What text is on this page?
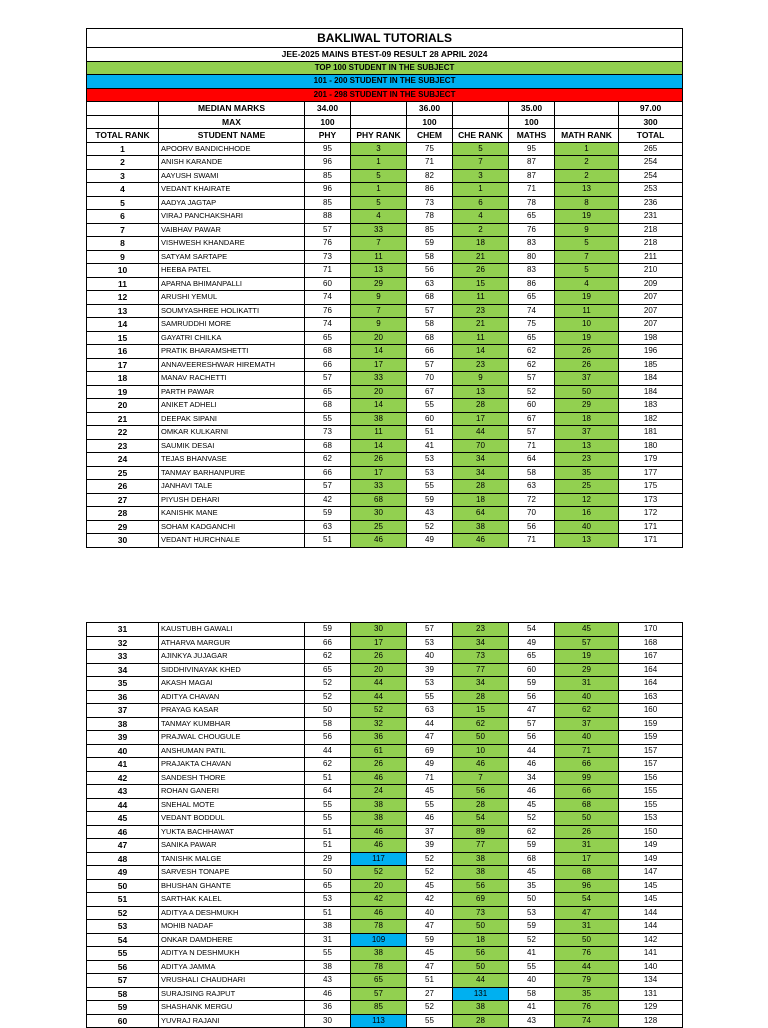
BAKLIWAL TUTORIALS								
JEE-2025 MAINS BTEST-09 RESULT 28 APRIL 2024								
TOP 100 STUDENT IN THE SUBJECT								
101 - 200 STUDENT IN THE SUBJECT								
201 - 298 STUDENT IN THE SUBJECT								
	MEDIAN MARKS	34.00		36.00		35.00		97.00
	MAX	100		100		100		300
TOTAL RANK	STUDENT NAME	PHY	PHY RANK	CHEM	CHE RANK	MATHS	MATH RANK	TOTAL
1	APOORV BANDICHHODE	95	3	75	5	95	1	265
2	ANISH KARANDE	96	1	71	7	87	2	254
3	AAYUSH SWAMI	85	5	82	3	87	2	254
4	VEDANT KHAIRATE	96	1	86	1	71	13	253
5	AADYA JAGTAP	85	5	73	6	78	8	236
6	VIRAJ PANCHAKSHARI	88	4	78	4	65	19	231
7	VAIBHAV PAWAR	57	33	85	2	76	9	218
8	VISHWESH KHANDARE	76	7	59	18	83	5	218
9	SATYAM SARTAPE	73	11	58	21	80	7	211
10	HEEBA PATEL	71	13	56	26	83	5	210
11	APARNA BHIMANPALLI	60	29	63	15	86	4	209
12	ARUSHI YEMUL	74	9	68	11	65	19	207
13	SOUMYASHREE HOLIKATTI	76	7	57	23	74	11	207
14	SAMRUDDHI MORE	74	9	58	21	75	10	207
15	GAYATRI CHILKA	65	20	68	11	65	19	198
16	PRATIK BHARAMSHETTI	68	14	66	14	62	26	196
17	ANNAVEERESHWAR HIREMATH	66	17	57	23	62	26	185
18	MANAV RACHETTI	57	33	70	9	57	37	184
19	PARTH PAWAR	65	20	67	13	52	50	184
20	ANIKET ADHELI	68	14	55	28	60	29	183
21	DEEPAK SIPANI	55	38	60	17	67	18	182
22	OMKAR KULKARNI	73	11	51	44	57	37	181
23	SAUMIK DESAI	68	14	41	70	71	13	180
24	TEJAS BHANVASE	62	26	53	34	64	23	179
25	TANMAY BARHANPURE	66	17	53	34	58	35	177
26	JANHAVI TALE	57	33	55	28	63	25	175
27	PIYUSH DEHARI	42	68	59	18	72	12	173
28	KANISHK MANE	59	30	43	64	70	16	172
29	SOHAM KADGANCHI	63	25	52	38	56	40	171
30	VEDANT HURCHNALE	51	46	49	46	71	13	171
31	KAUSTUBH GAWALI	59	30	57	23	54	45	170
32	ATHARVA MARGUR	66	17	53	34	49	57	168
33	AJINKYA JUJAGAR	62	26	40	73	65	19	167
34	SIDDHIVINAYAK KHED	65	20	39	77	60	29	164
35	AKASH MAGAI	52	44	53	34	59	31	164
36	ADITYA CHAVAN	52	44	55	28	56	40	163
37	PRAYAG KASAR	50	52	63	15	47	62	160
38	TANMAY KUMBHAR	58	32	44	62	57	37	159
39	PRAJWAL CHOUGULE	56	36	47	50	56	40	159
40	ANSHUMAN PATIL	44	61	69	10	44	71	157
41	PRAJAKTA CHAVAN	62	26	49	46	46	66	157
42	SANDESH THORE	51	46	71	7	34	99	156
43	ROHAN GANERI	64	24	45	56	46	66	155
44	SNEHAL MOTE	55	38	55	28	45	68	155
45	VEDANT BODDUL	55	38	46	54	52	50	153
46	YUKTA BACHHAWAT	51	46	37	89	62	26	150
47	SANIKA PAWAR	51	46	39	77	59	31	149
48	TANISHK MALGE	29	117	52	38	68	17	149
49	SARVESH TONAPE	50	52	52	38	45	68	147
50	BHUSHAN GHANTE	65	20	45	56	35	96	145
51	SARTHAK KALEL	53	42	42	69	50	54	145
52	ADITYA A DESHMUKH	51	46	40	73	53	47	144
53	MOHIB NADAF	38	78	47	50	59	31	144
54	ONKAR DAMDHERE	31	109	59	18	52	50	142
55	ADITYA N DESHMUKH	55	38	45	56	41	76	141
56	ADITYA JAMMA	38	78	47	50	55	44	140
57	VRUSHALI CHAUDHARI	43	65	51	44	40	79	134
58	SURAJSING RAJPUT	46	57	27	131	58	35	131
59	SHASHANK MERGU	36	85	52	38	41	76	129
60	YUVRAJ RAJANI	30	113	55	28	43	74	128
